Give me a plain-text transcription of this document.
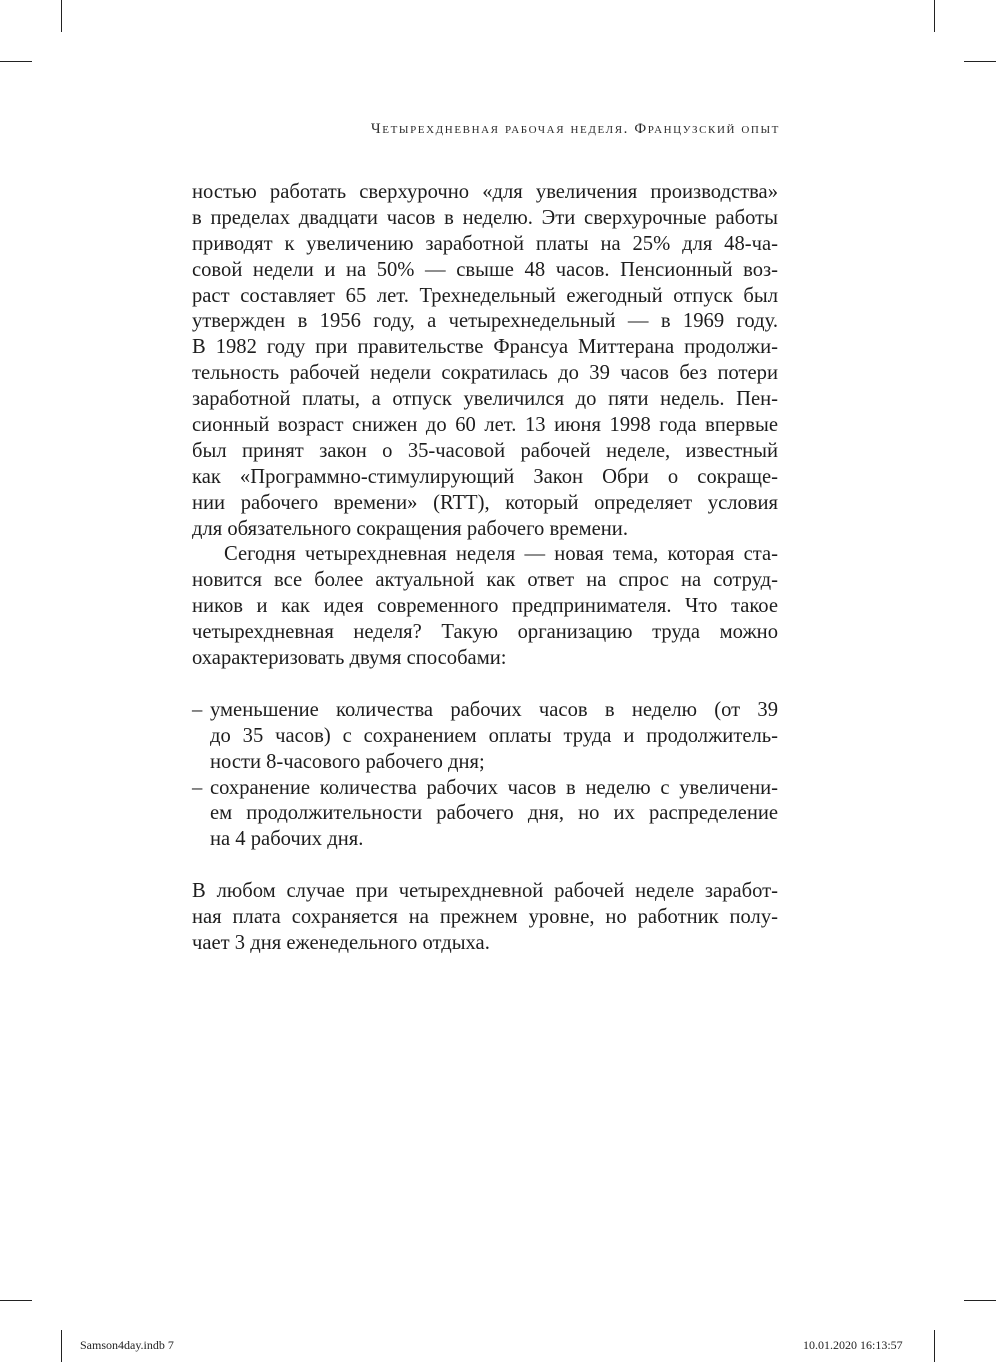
Четырехдневная рабочая неделя. Французский опыт
ностью работать сверхурочно «для увеличения производства»
в пределах двадцати часов в неделю. Эти сверхурочные работы
приводят к увеличению заработной платы на 25% для 48-ча-
совой недели и на 50% — свыше 48 часов. Пенсионный воз-
раст составляет 65 лет. Трехнедельный ежегодный отпуск был
утвержден в 1956 году, а четырехнедельный — в 1969 году.
В 1982 году при правительстве Франсуа Миттерана продолжи-
тельность рабочей недели сократилась до 39 часов без потери
заработной платы, а отпуск увеличился до пяти недель. Пен-
сионный возраст снижен до 60 лет. 13 июня 1998 года впервые
был принят закон о 35-часовой рабочей неделе, известный
как «Программно-стимулирующий Закон Обри о сокраще-
нии рабочего времени» (RTT), который определяет условия
для обязательного сокращения рабочего времени.
Сегодня четырехдневная неделя — новая тема, которая ста-
новится все более актуальной как ответ на спрос на сотруд-
ников и как идея современного предпринимателя. Что такое
четырехдневная неделя? Такую организацию труда можно
охарактеризовать двумя способами:
– уменьшение количества рабочих часов в неделю (от 39
до 35 часов) с сохранением оплаты труда и продолжитель-
ности 8-часового рабочего дня;
– сохранение количества рабочих часов в неделю с увеличени-
ем продолжительности рабочего дня, но их распределение
на 4 рабочих дня.
В любом случае при четырехдневной рабочей неделе заработ-
ная плата сохраняется на прежнем уровне, но работник полу-
чает 3 дня еженедельного отдыха.
Samson4day.indb 7	10.01.2020 16:13:57
